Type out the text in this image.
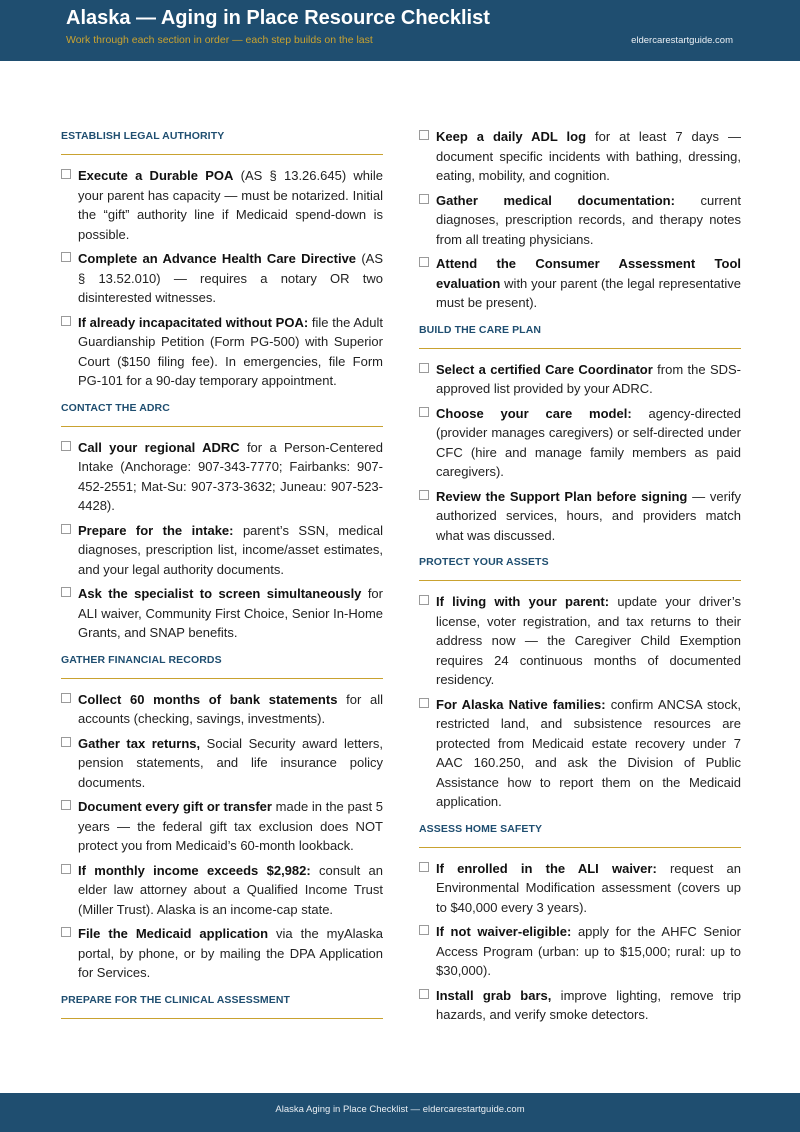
Alaska — Aging in Place Resource Checklist
Work through each section in order — each step builds on the last	eldercarestartguide.com
ESTABLISH LEGAL AUTHORITY
Execute a Durable POA (AS § 13.26.645) while your parent has capacity — must be notarized. Initial the “gift” authority line if Medicaid spend-down is possible.
Complete an Advance Health Care Directive (AS § 13.52.010) — requires a notary OR two disinterested witnesses.
If already incapacitated without POA: file the Adult Guardianship Petition (Form PG-500) with Superior Court ($150 filing fee). In emergencies, file Form PG-101 for a 90-day temporary appointment.
CONTACT THE ADRC
Call your regional ADRC for a Person-Centered Intake (Anchorage: 907-343-7770; Fairbanks: 907-452-2551; Mat-Su: 907-373-3632; Juneau: 907-523-4428).
Prepare for the intake: parent’s SSN, medical diagnoses, prescription list, income/asset estimates, and your legal authority documents.
Ask the specialist to screen simultaneously for ALI waiver, Community First Choice, Senior In-Home Grants, and SNAP benefits.
GATHER FINANCIAL RECORDS
Collect 60 months of bank statements for all accounts (checking, savings, investments).
Gather tax returns, Social Security award letters, pension statements, and life insurance policy documents.
Document every gift or transfer made in the past 5 years — the federal gift tax exclusion does NOT protect you from Medicaid’s 60-month lookback.
If monthly income exceeds $2,982: consult an elder law attorney about a Qualified Income Trust (Miller Trust). Alaska is an income-cap state.
File the Medicaid application via the myAlaska portal, by phone, or by mailing the DPA Application for Services.
PREPARE FOR THE CLINICAL ASSESSMENT
Keep a daily ADL log for at least 7 days — document specific incidents with bathing, dressing, eating, mobility, and cognition.
Gather medical documentation: current diagnoses, prescription records, and therapy notes from all treating physicians.
Attend the Consumer Assessment Tool evaluation with your parent (the legal representative must be present).
BUILD THE CARE PLAN
Select a certified Care Coordinator from the SDS-approved list provided by your ADRC.
Choose your care model: agency-directed (provider manages caregivers) or self-directed under CFC (hire and manage family members as paid caregivers).
Review the Support Plan before signing — verify authorized services, hours, and providers match what was discussed.
PROTECT YOUR ASSETS
If living with your parent: update your driver’s license, voter registration, and tax returns to their address now — the Caregiver Child Exemption requires 24 continuous months of documented residency.
For Alaska Native families: confirm ANCSA stock, restricted land, and subsistence resources are protected from Medicaid estate recovery under 7 AAC 160.250, and ask the Division of Public Assistance how to report them on the Medicaid application.
ASSESS HOME SAFETY
If enrolled in the ALI waiver: request an Environmental Modification assessment (covers up to $40,000 every 3 years).
If not waiver-eligible: apply for the AHFC Senior Access Program (urban: up to $15,000; rural: up to $30,000).
Install grab bars, improve lighting, remove trip hazards, and verify smoke detectors.
Alaska Aging in Place Checklist — eldercarestartguide.com
